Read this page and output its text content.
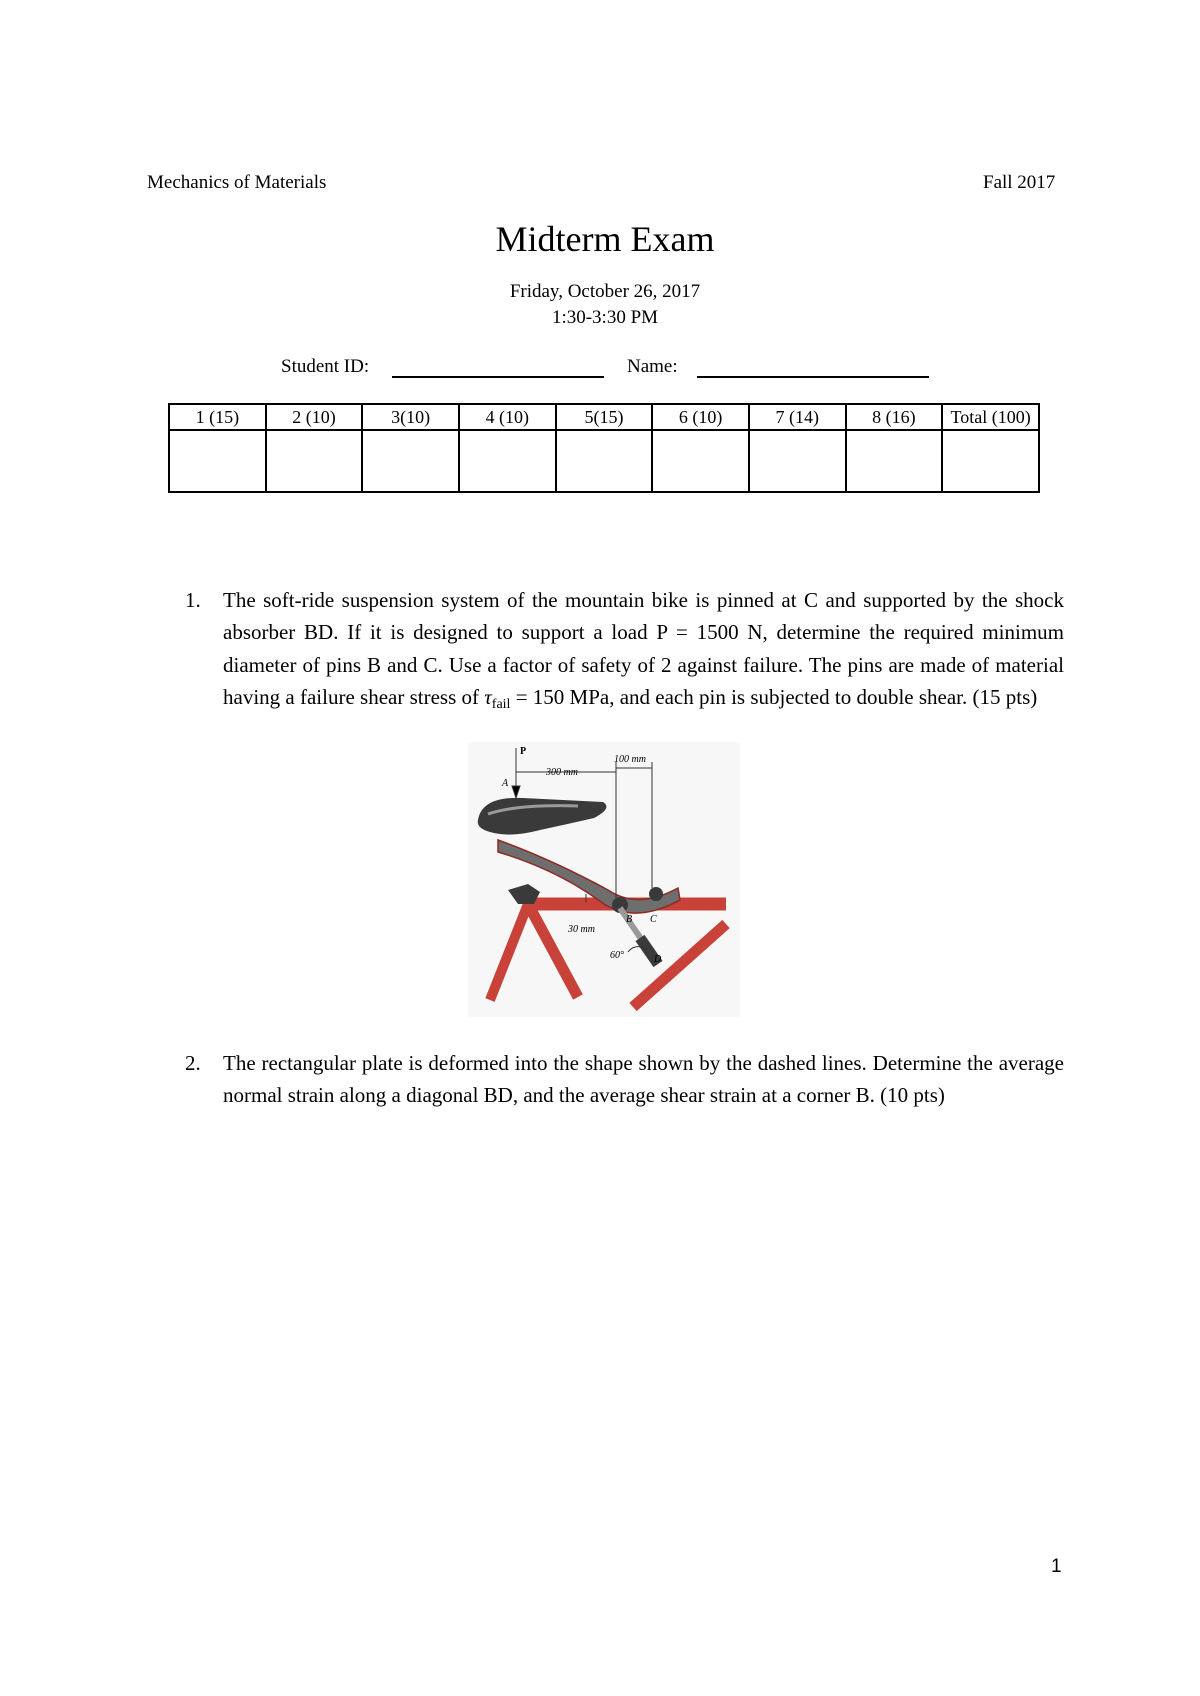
Mechanics of Materials	Fall 2017
Midterm Exam
Friday, October 26, 2017
1:30-3:30 PM
Student ID:	Name:
1 (15)	2 (10)	3(10)	4 (10)	5(15)	6 (10)	7 (14)	8 (16)	Total (100)

1. The soft-ride suspension system of the mountain bike is pinned at C and supported by the shock absorber BD. If it is designed to support a load P = 1500 N, determine the required minimum diameter of pins B and C. Use a factor of safety of 2 against failure. The pins are made of material having a failure shear stress of $\tau_{fail} = 150$ MPa, and each pin is subjected to double shear. (15 pts)
P
A
300 mm
100 mm
B C
30 mm
60°	D
2. The rectangular plate is deformed into the shape shown by the dashed lines. Determine the average normal strain along a diagonal BD, and the average shear strain at a corner B. (10 pts)
1
